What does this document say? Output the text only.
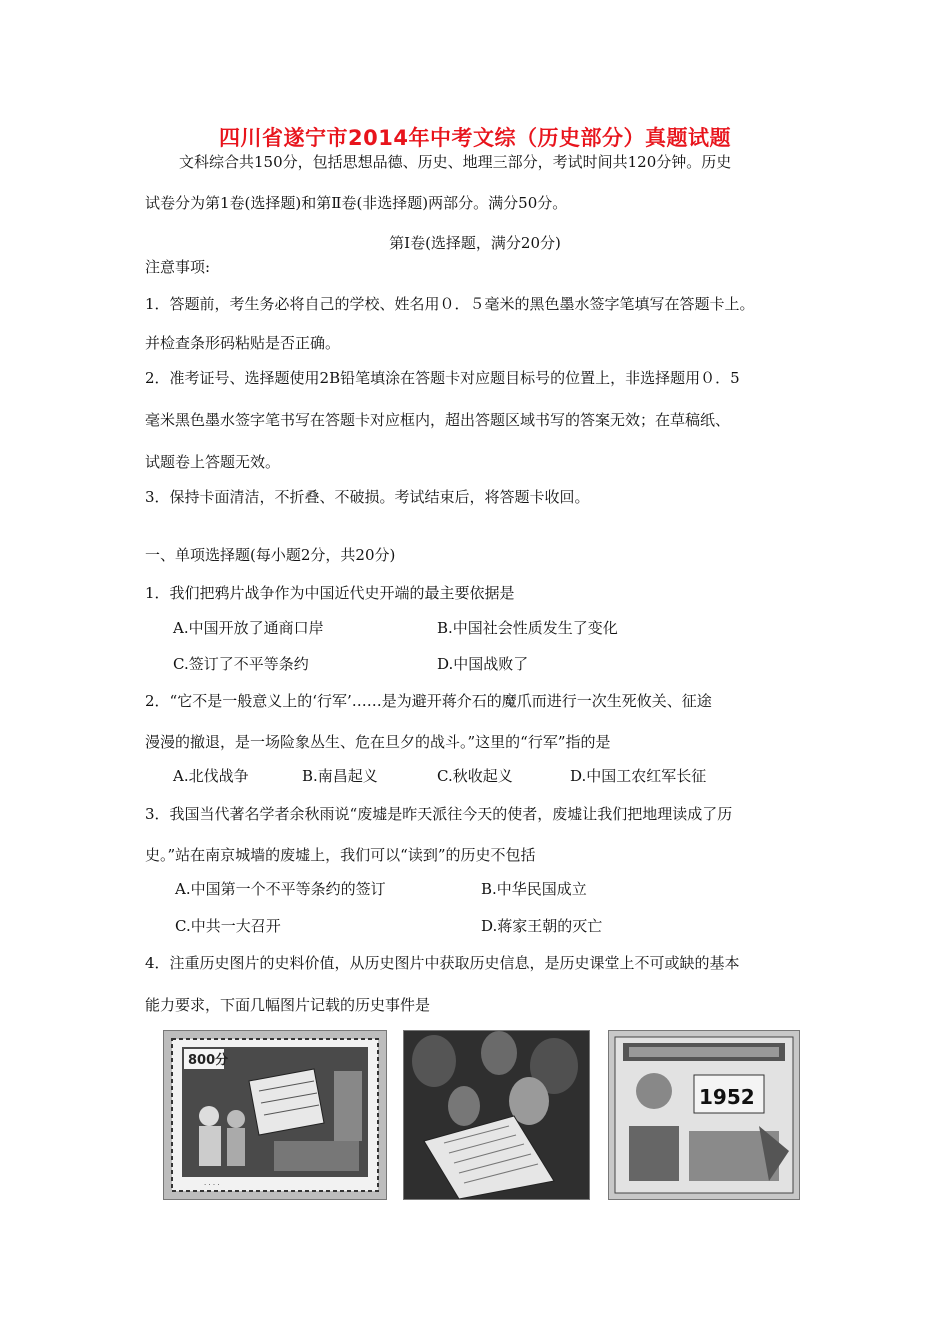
四川省遂宁市2014年中考文综（历史部分）真题试题
文科综合共150分，包括思想品德、历史、地理三部分，考试时间共120分钟。历史
试卷分为第1卷(选择题)和第Ⅱ卷(非选择题)两部分。满分50分。
第Ⅰ卷(选择题，满分20分)
注意事项:
1．答题前，考生务必将自己的学校、姓名用０．５毫米的黑色墨水签字笔填写在答题卡上。
并检查条形码粘贴是否正确。
2．准考证号、选择题使用2B铅笔填涂在答题卡对应题目标号的位置上，非选择题用０．5
毫米黑色墨水签字笔书写在答题卡对应框内，超出答题区域书写的答案无效；在草稿纸、
试题卷上答题无效。
3．保持卡面清洁，不折叠、不破损。考试结束后，将答题卡收回。
一、单项选择题(每小题2分，共20分)
1．我们把鸦片战争作为中国近代史开端的最主要依据是
A.中国开放了通商口岸	B.中国社会性质发生了变化
C.签订了不平等条约	D.中国战败了
2．“它不是一般意义上的‘行军’……是为避开蒋介石的魔爪而进行一次生死攸关、征途
漫漫的撤退，是一场险象丛生、危在旦夕的战斗。”这里的“行军”指的是
A.北伐战争	B.南昌起义	C.秋收起义	D.中国工农红军长征
3．我国当代著名学者余秋雨说“废墟是昨天派往今天的使者，废墟让我们把地理读成了历
史。”站在南京城墙的废墟上，我们可以“读到”的历史不包括
A.中国第一个不平等条约的签订	B.中华民国成立
C.中共一大召开	D.蒋家王朝的灭亡
4．注重历史图片的史料价值，从历史图片中获取历史信息，是历史课堂上不可或缺的基本
能力要求，下面几幅图片记载的历史事件是
800分
· · · ·
1952
